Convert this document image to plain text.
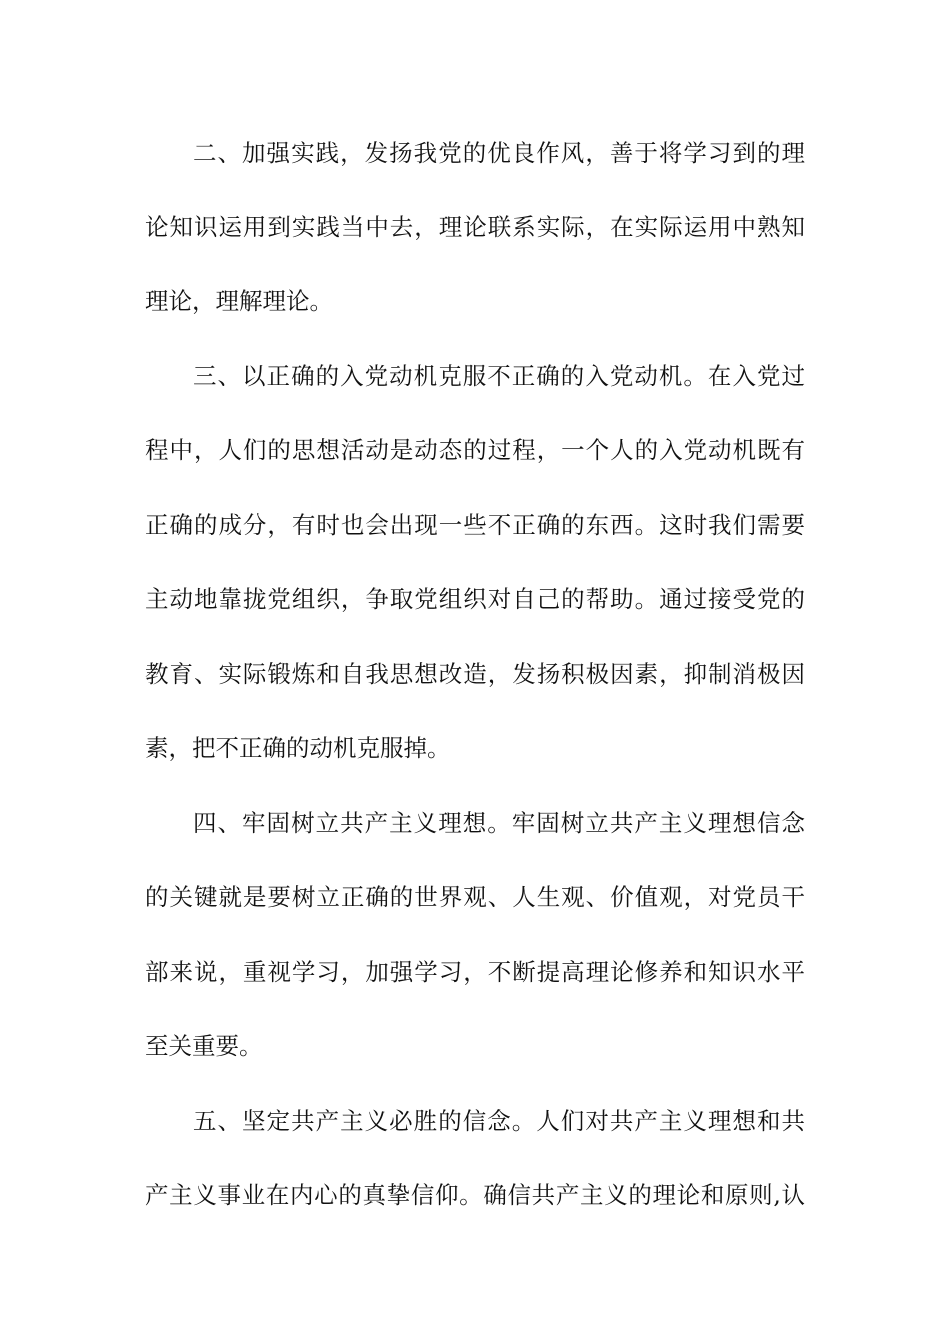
二、加强实践，发扬我党的优良作风，善于将学习到的理
论知识运用到实践当中去，理论联系实际，在实际运用中熟知
理论，理解理论。
三、以正确的入党动机克服不正确的入党动机。在入党过
程中，人们的思想活动是动态的过程，一个人的入党动机既有
正确的成分，有时也会出现一些不正确的东西。这时我们需要
主动地靠拢党组织，争取党组织对自己的帮助。通过接受党的
教育、实际锻炼和自我思想改造，发扬积极因素，抑制消极因
素，把不正确的动机克服掉。
四、牢固树立共产主义理想。牢固树立共产主义理想信念
的关键就是要树立正确的世界观、人生观、价值观，对党员干
部来说，重视学习，加强学习，不断提高理论修养和知识水平
至关重要。
五、坚定共产主义必胜的信念。人们对共产主义理想和共
产主义事业在内心的真挚信仰。确信共产主义的理论和原则,认
